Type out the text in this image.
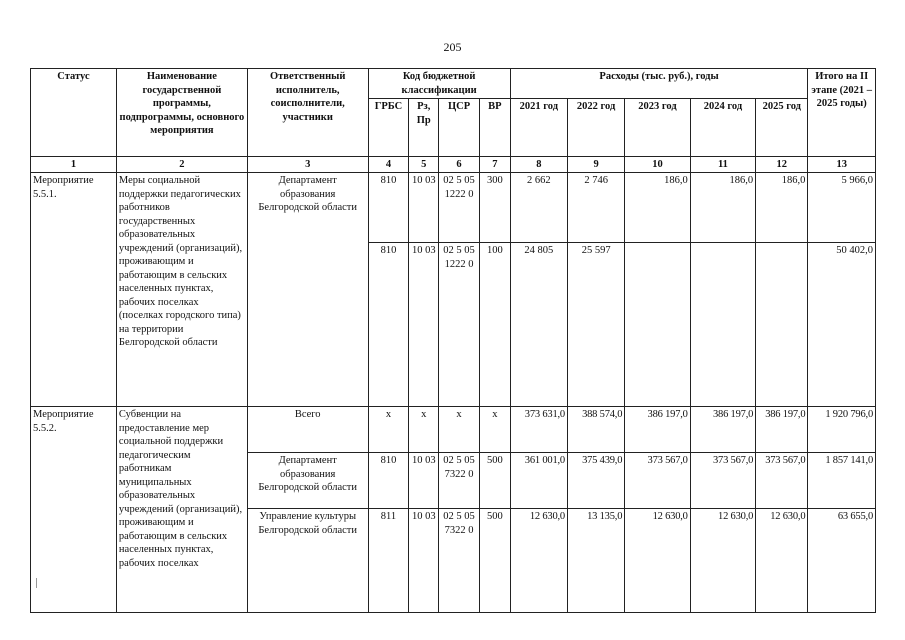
205
Статус	Наименование государственной программы, подпрограммы, основного мероприятия	Ответственный исполнитель, соисполнители, участники	Код бюджетной классификации				Расходы (тыс. руб.), годы					Итого на II этапе (2021 – 2025 годы)
			ГРБС	Рз, Пр	ЦСР	ВР	2021 год	2022 год	2023 год	2024 год	2025 год	
1	2	3	4	5	6	7	8	9	10	11	12	13
Мероприятие 5.5.1.	Меры социальной поддержки педагогических работников государственных образовательных учреждений (организаций), проживающим и работающим в сельских населенных пунктах, рабочих поселках (поселках городского типа) на территории Белгородской области	Департамент образования Белгородской области	810	10 03	02 5 05 1222 0	300	2 662	2 746	186,0	186,0	186,0	5 966,0
			810	10 03	02 5 05 1222 0	100	24 805	25 597				50 402,0
Мероприятие 5.5.2.	Субвенции на предоставление мер социальной поддержки педагогическим работникам муниципальных образовательных учреждений (организаций), проживающим и работающим в сельских населенных пунктах, рабочих поселках	Всего	х	х	х	х	373 631,0	388 574,0	386 197,0	386 197,0	386 197,0	1 920 796,0
		Департамент образования Белгородской области	810	10 03	02 5 05 7322 0	500	361 001,0	375 439,0	373 567,0	373 567,0	373 567,0	1 857 141,0
		Управление культуры Белгородской области	811	10 03	02 5 05 7322 0	500	12 630,0	13 135,0	12 630,0	12 630,0	12 630,0	63 655,0
